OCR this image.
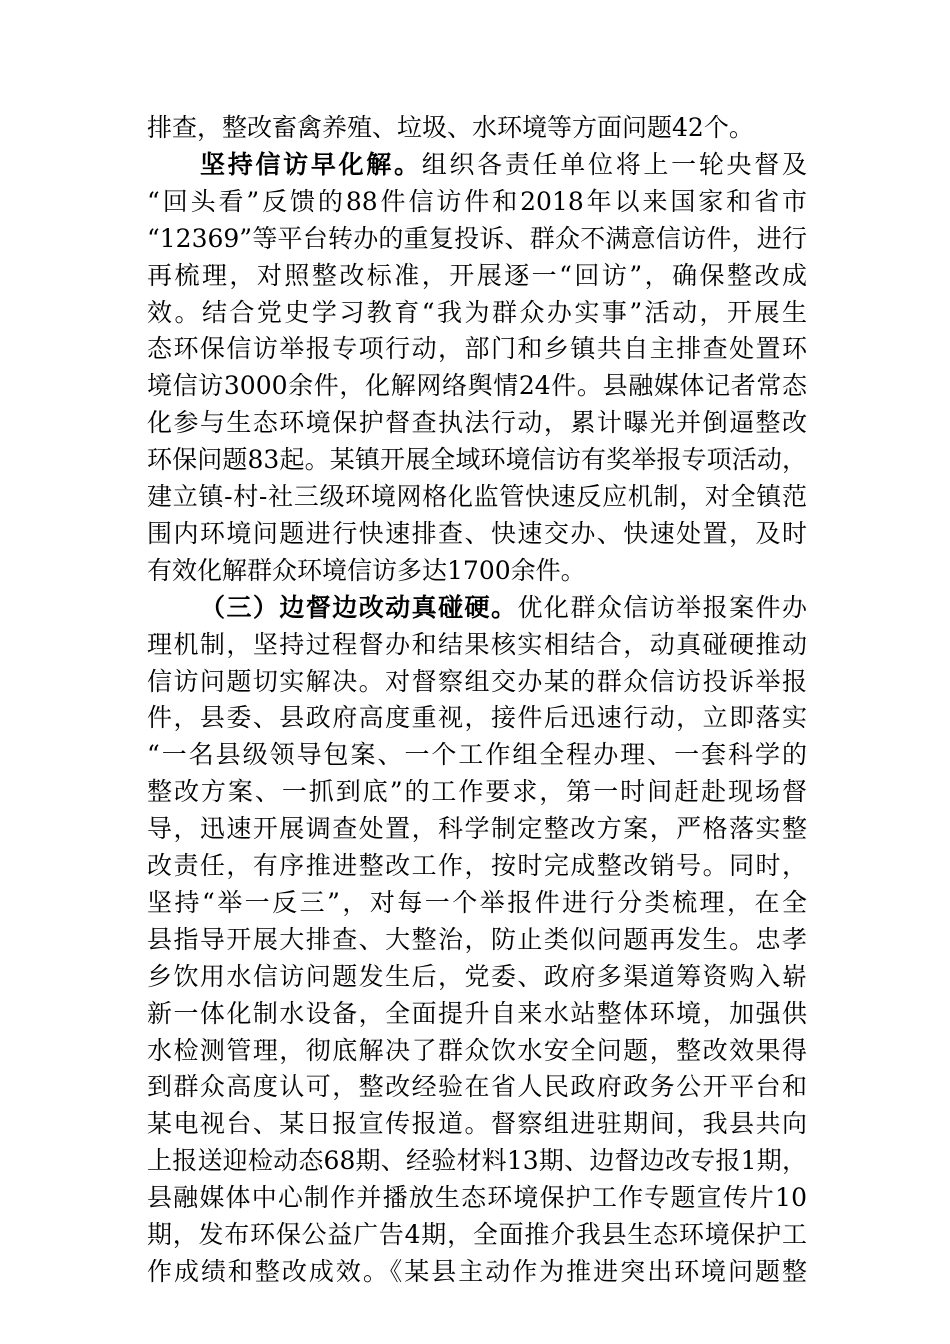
排查，整改畜禽养殖、垃圾、水环境等方面问题42个。
坚持信访早化解。组织各责任单位将上一轮央督及
“回头看”反馈的88件信访件和2018年以来国家和省市
“12369”等平台转办的重复投诉、群众不满意信访件，进行
再梳理，对照整改标准，开展逐一“回访”，确保整改成
效。结合党史学习教育“我为群众办实事”活动，开展生
态环保信访举报专项行动，部门和乡镇共自主排查处置环
境信访3000余件，化解网络舆情24件。县融媒体记者常态
化参与生态环境保护督查执法行动，累计曝光并倒逼整改
环保问题83起。某镇开展全域环境信访有奖举报专项活动，
建立镇-村-社三级环境网格化监管快速反应机制，对全镇范
围内环境问题进行快速排查、快速交办、快速处置，及时
有效化解群众环境信访多达1700余件。
（三）边督边改动真碰硬。优化群众信访举报案件办
理机制，坚持过程督办和结果核实相结合，动真碰硬推动
信访问题切实解决。对督察组交办某的群众信访投诉举报
件，县委、县政府高度重视，接件后迅速行动，立即落实
“一名县级领导包案、一个工作组全程办理、一套科学的
整改方案、一抓到底”的工作要求，第一时间赶赴现场督
导，迅速开展调查处置，科学制定整改方案，严格落实整
改责任，有序推进整改工作，按时完成整改销号。同时，
坚持“举一反三”，对每一个举报件进行分类梳理，在全
县指导开展大排查、大整治，防止类似问题再发生。忠孝
乡饮用水信访问题发生后，党委、政府多渠道筹资购入崭
新一体化制水设备，全面提升自来水站整体环境，加强供
水检测管理，彻底解决了群众饮水安全问题，整改效果得
到群众高度认可，整改经验在省人民政府政务公开平台和
某电视台、某日报宣传报道。督察组进驻期间，我县共向
上报送迎检动态68期、经验材料13期、边督边改专报1期，
县融媒体中心制作并播放生态环境保护工作专题宣传片10
期，发布环保公益广告4期，全面推介我县生态环境保护工
作成绩和整改成效。《某县主动作为推进突出环境问题整
